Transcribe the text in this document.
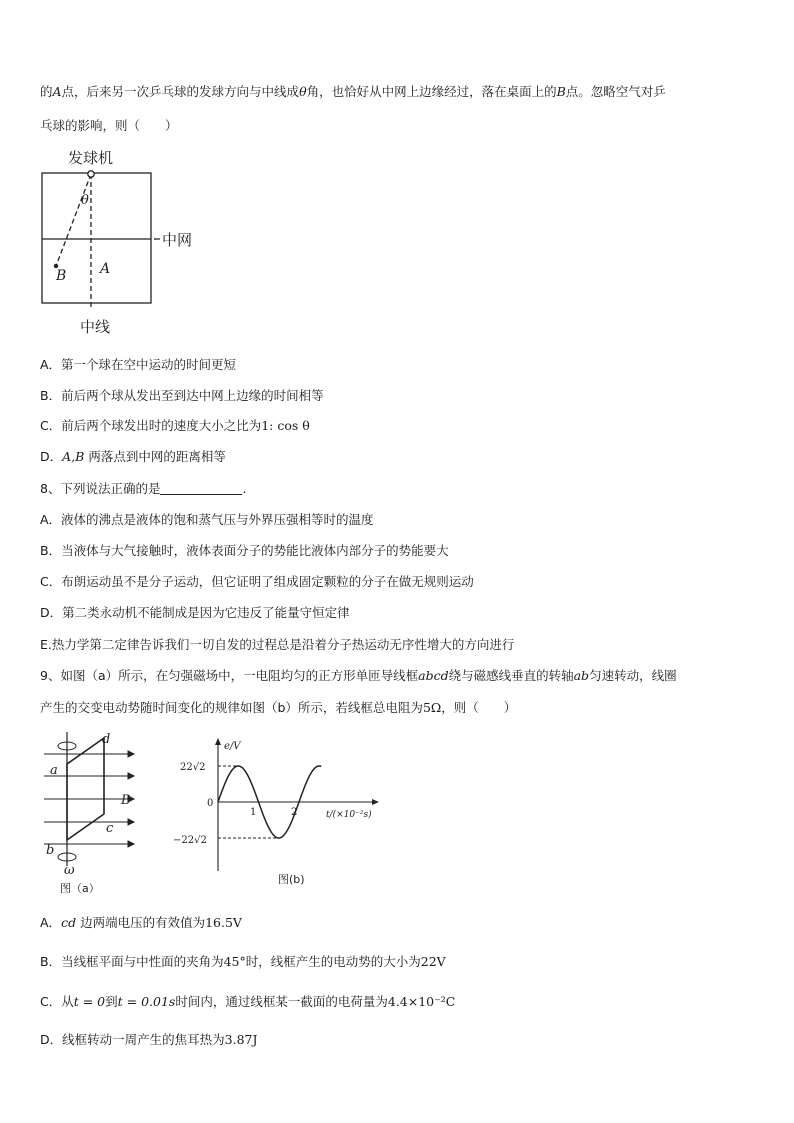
的A点，后来另一次乒乓球的发球方向与中线成θ角，也恰好从中网上边缘经过，落在桌面上的B点。忽略空气对乒
乓球的影响，则（　　）
发球机
中网
θ
B A
中线
A．第一个球在空中运动的时间更短
B．前后两个球从发出至到达中网上边缘的时间相等
C．前后两个球发出时的速度大小之比为1: cos θ
D．A,B 两落点到中网的距离相等
8、下列说法正确的是	.
A．液体的沸点是液体的饱和蒸气压与外界压强相等时的温度
B．当液体与大气接触时，液体表面分子的势能比液体内部分子的势能要大
C．布朗运动虽不是分子运动，但它证明了组成固定颗粒的分子在做无规则运动
D．第二类永动机不能制成是因为它违反了能量守恒定律
E.热力学第二定律告诉我们一切自发的过程总是沿着分子热运动无序性增大的方向进行
9、如图（a）所示，在匀强磁场中，一电阻均匀的正方形单匝导线框abcd绕与磁感线垂直的转轴ab匀速转动，线圈
产生的交变电动势随时间变化的规律如图（b）所示，若线框总电阻为5Ω，则（　　）
a
b
c
d
B
ω
图（a）
e/V
t/(×10⁻²s)
22√2
−22√2
0
1	2
图(b)
A．cd 边两端电压的有效值为16.5V
B．当线框平面与中性面的夹角为45°时，线框产生的电动势的大小为22V
C．从t = 0到t = 0.01s时间内，通过线框某一截面的电荷量为4.4×10⁻²C
D．线框转动一周产生的焦耳热为3.87J
